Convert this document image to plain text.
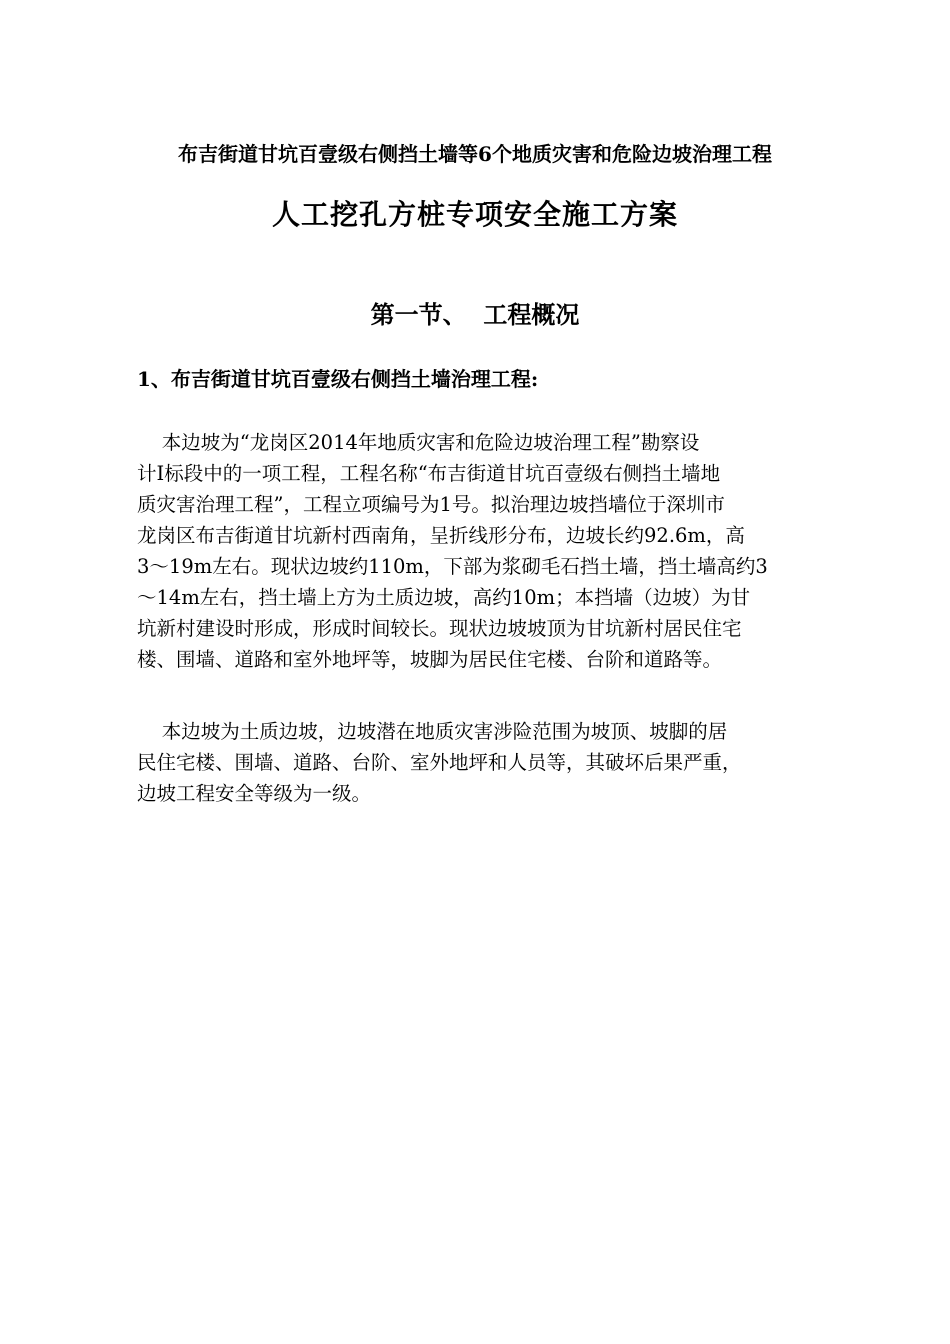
布吉街道甘坑百壹级右侧挡土墙等6个地质灾害和危险边坡治理工程
人工挖孔方桩专项安全施工方案
第一节、  工程概况
1、布吉街道甘坑百壹级右侧挡土墙治理工程:
本边坡为“龙岗区2014年地质灾害和危险边坡治理工程”勘察设
计I标段中的一项工程，工程名称“布吉街道甘坑百壹级右侧挡土墙地
质灾害治理工程”，工程立项编号为1号。拟治理边坡挡墙位于深圳市
龙岗区布吉街道甘坑新村西南角，呈折线形分布，边坡长约92.6m，高
3～19m左右。现状边坡约110m，下部为浆砌毛石挡土墙，挡土墙高约3
～14m左右，挡土墙上方为土质边坡，高约10m；本挡墙（边坡）为甘
坑新村建设时形成，形成时间较长。现状边坡坡顶为甘坑新村居民住宅
楼、围墙、道路和室外地坪等，坡脚为居民住宅楼、台阶和道路等。
本边坡为土质边坡，边坡潜在地质灾害涉险范围为坡顶、坡脚的居
民住宅楼、围墙、道路、台阶、室外地坪和人员等，其破坏后果严重，
边坡工程安全等级为一级。
